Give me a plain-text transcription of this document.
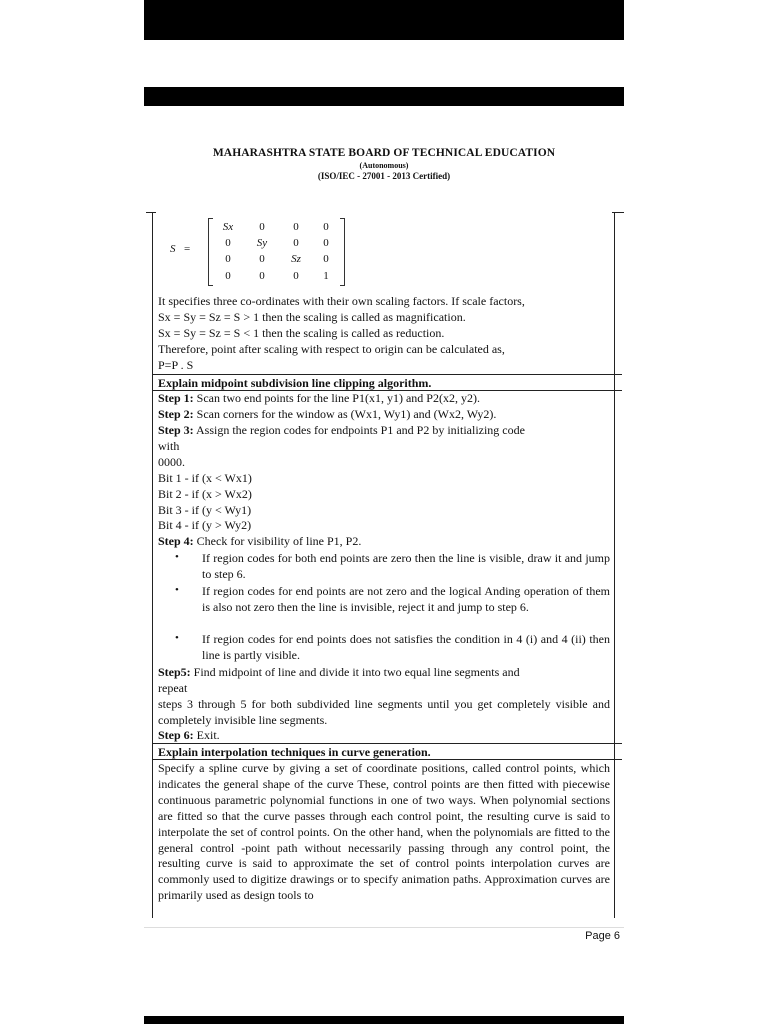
MAHARASHTRA STATE BOARD OF TECHNICAL EDUCATION
(Autonomous)
(ISO/IEC - 27001 - 2013 Certified)
S =
Sx	0	0	0
0	Sy	0	0
0	0	Sz	0
0	0	0	1
It specifies three co-ordinates with their own scaling factors. If scale factors,
Sx = Sy = Sz = S > 1 then the scaling is called as magnification.
Sx = Sy = Sz = S < 1 then the scaling is called as reduction.
Therefore, point after scaling with respect to origin can be calculated as,
P=P . S
Explain midpoint subdivision line clipping algorithm.
Step 1: Scan two end points for the line P1(x1, y1) and P2(x2, y2).
Step 2: Scan corners for the window as (Wx1, Wy1) and (Wx2, Wy2).
Step 3: Assign the region codes for endpoints P1 and P2 by initializing code
with
0000.
Bit 1 - if (x < Wx1)
Bit 2 - if (x > Wx2)
Bit 3 - if (y < Wy1)
Bit 4 - if (y > Wy2)
Step 4: Check for visibility of line P1, P2.
•	If region codes for both end points are zero then the line is visible, draw it and jump to step 6.
•	If region codes for end points are not zero and the logical Anding operation of them is also not zero then the line is invisible, reject it and jump to step 6.
•	If region codes for end points does not satisfies the condition in 4 (i) and 4 (ii) then line is partly visible.
Step5: Find midpoint of line and divide it into two equal line segments and
repeat
steps 3 through 5 for both subdivided line segments until you get completely visible and completely invisible line segments.
Step 6: Exit.
Explain interpolation techniques in curve generation.
Specify a spline curve by giving a set of coordinate positions, called control points, which indicates the general shape of the curve These, control points are then fitted with piecewise continuous parametric polynomial functions in one of two ways. When polynomial sections are fitted so that the curve passes through each control point, the resulting curve is said to interpolate the set of control points. On the other hand, when the polynomials are fitted to the general control -point path without necessarily passing through any control point, the resulting curve is said to approximate the set of control points interpolation curves are commonly used to digitize drawings or to specify animation paths. Approximation curves are primarily used as design tools to
Page 6
